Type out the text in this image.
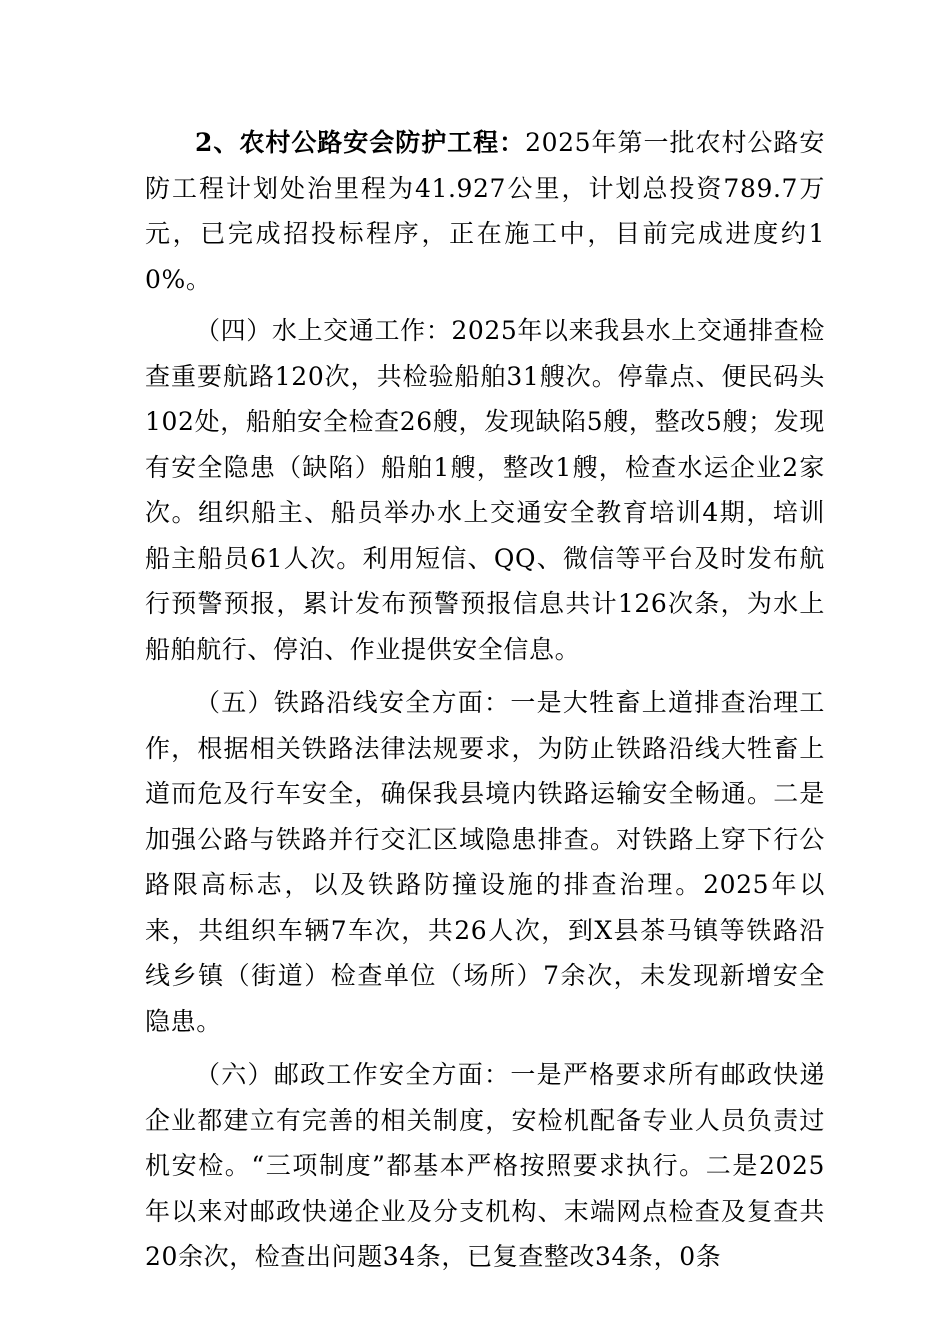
2、农村公路安会防护工程：2025年第一批农村公路安防工程计划处治里程为41.927公里，计划总投资789.7万元，已完成招投标程序，正在施工中，目前完成进度约10%。

（四）水上交通工作：2025年以来我县水上交通排查检查重要航路120次，共检验船舶31艘次。停靠点、便民码头102处，船舶安全检查26艘，发现缺陷5艘，整改5艘；发现有安全隐患（缺陷）船舶1艘，整改1艘，检查水运企业2家次。组织船主、船员举办水上交通安全教育培训4期，培训船主船员61人次。利用短信、QQ、微信等平台及时发布航行预警预报，累计发布预警预报信息共计126次条，为水上船舶航行、停泊、作业提供安全信息。

（五）铁路沿线安全方面：一是大牲畜上道排查治理工作，根据相关铁路法律法规要求，为防止铁路沿线大牲畜上道而危及行车安全，确保我县境内铁路运输安全畅通。二是加强公路与铁路并行交汇区域隐患排查。对铁路上穿下行公路限高标志，以及铁路防撞设施的排查治理。2025年以来，共组织车辆7车次，共26人次，到X县茶马镇等铁路沿线乡镇（街道）检查单位（场所）7余次，未发现新增安全隐患。

（六）邮政工作安全方面：一是严格要求所有邮政快递企业都建立有完善的相关制度，安检机配备专业人员负责过机安检。“三项制度”都基本严格按照要求执行。二是2025年以来对邮政快递企业及分支机构、末端网点检查及复查共20余次，检查出问题34条，已复查整改34条，0条
